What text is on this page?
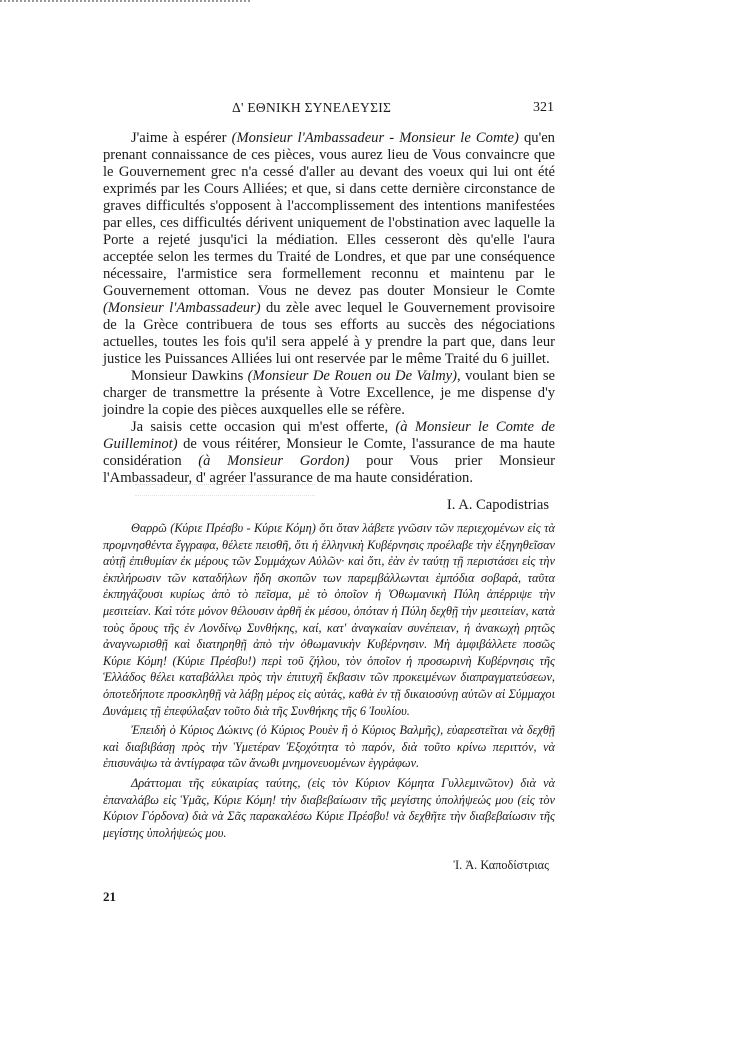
Δ' ΕΘΝΙΚΗ ΣΥΝΕΛΕΥΣΙΣ	321

J'aime à espérer (Monsieur l'Ambassadeur - Monsieur le Comte) qu'en prenant connaissance de ces pièces, vous aurez lieu de Vous convaincre que le Gouvernement grec n'a cessé d'aller au devant des voeux qui lui ont été exprimés par les Cours Alliées; et que, si dans cette dernière circonstance de graves difficultés s'opposent à l'accomplissement des intentions manifestées par elles, ces difficultés dérivent uniquement de l'obstination avec laquelle la Porte a rejeté jusqu'ici la médiation. Elles cesseront dès qu'elle l'aura acceptée selon les termes du Traité de Londres, et que par une conséquence nécessaire, l'armistice sera formellement reconnu et maintenu par le Gouvernement ottoman. Vous ne devez pas douter Monsieur le Comte (Monsieur l'Ambassadeur) du zèle avec lequel le Gouvernement provisoire de la Grèce contribuera de tous ses efforts au succès des négociations actuelles, toutes les fois qu'il sera appelé à y prendre la part que, dans leur justice les Puissances Alliées lui ont reservée par le même Traité du 6 juillet.

Monsieur Dawkins (Monsieur De Rouen ou De Valmy), voulant bien se charger de transmettre la présente à Votre Excellence, je me dispense d'y joindre la copie des pièces auxquelles elle se réfère.

Ja saisis cette occasion qui m'est offerte, (à Monsieur le Comte de Guilleminot) de vous réitérer, Monsieur le Comte, l'assurance de ma haute considération (à Monsieur Gordon) pour Vous prier Monsieur l'Ambassadeur, d' agréer l'assurance de ma haute considération.

I. A. Capodistrias

Θαρρῶ (Κύριε Πρέσβυ - Κύριε Κόμη) ὅτι ὅταν λάβετε γνῶσιν τῶν περιεχομένων εἰς τὰ προμνησθέντα ἔγγραφα, θέλετε πεισθῆ, ὅτι ἡ ἑλληνικὴ Κυβέρνησις προέλαβε τὴν ἐξηγηθεῖσαν αὐτῇ ἐπιθυμίαν ἐκ μέρους τῶν Συμμάχων Αὐλῶν· καὶ ὅτι, ἐὰν ἐν ταύτῃ τῇ περιστάσει εἰς τὴν ἐκπλήρωσιν τῶν καταδήλων ἤδη σκοπῶν των παρεμβάλλωνται ἐμπόδια σοβαρά, ταῦτα ἐκπηγάζουσι κυρίως ἀπὸ τὸ πεῖσμα, μὲ τὸ ὁποῖον ἡ Ὀθωμανικὴ Πύλη ἀπέρριψε τὴν μεσιτείαν. Καὶ τότε μόνον θέλουσιν ἀρθῆ ἐκ μέσου, ὁπόταν ἡ Πύλη δεχθῇ τὴν μεσιτείαν, κατὰ τοὺς ὅρους τῆς ἐν Λονδίνῳ Συνθήκης, καί, κατ' ἀναγκαίαν συνέπειαν, ἡ ἀνακωχὴ ρητῶς ἀναγνωρισθῇ καὶ διατηρηθῇ ἀπὸ τὴν ὀθωμανικὴν Κυβέρνησιν. Μὴ ἀμφιβάλλετε ποσῶς Κύριε Κόμη! (Κύριε Πρέσβυ!) περὶ τοῦ ζήλου, τὸν ὁποῖον ἡ προσωρινὴ Κυβέρνησις τῆς Ἑλλάδος θέλει καταβάλλει πρὸς τὴν ἐπιτυχῆ ἔκβασιν τῶν προκειμένων διαπραγματεύσεων, ὁποτεδήποτε προσκληθῇ νὰ λάβῃ μέρος εἰς αὐτάς, καθὰ ἐν τῇ δικαιοσύνῃ αὐτῶν αἱ Σύμμαχοι Δυνάμεις τῇ ἐπεφύλαξαν τοῦτο διὰ τῆς Συνθήκης τῆς 6 Ἰουλίου.

Ἐπειδὴ ὁ Κύριος Δώκινς (ὁ Κύριος Ρουὲν ἢ ὁ Κύριος Βαλμῆς), εὐαρεστεῖται νὰ δεχθῇ καὶ διαβιβάσῃ πρὸς τὴν Ὑμετέραν Ἐξοχότητα τὸ παρόν, διὰ τοῦτο κρίνω περιττόν, νὰ ἐπισυνάψω τὰ ἀντίγραφα τῶν ἄνωθι μνημονευομένων ἐγγράφων.

Δράττομαι τῆς εὐκαιρίας ταύτης, (εἰς τὸν Κύριον Κόμητα Γυλλεμινῶτον) διὰ νὰ ἐπαναλάβω εἰς Ὑμᾶς, Κύριε Κόμη! τὴν διαβεβαίωσιν τῆς μεγίστης ὑπολήψεώς μου (εἰς τὸν Κύριον Γόρδονα) διὰ νὰ Σᾶς παρακαλέσω Κύριε Πρέσβυ! νὰ δεχθῆτε τὴν διαβεβαίωσιν τῆς μεγίστης ὑπολήψεώς μου.

Ἰ. Ἀ. Καποδίστριας

21
